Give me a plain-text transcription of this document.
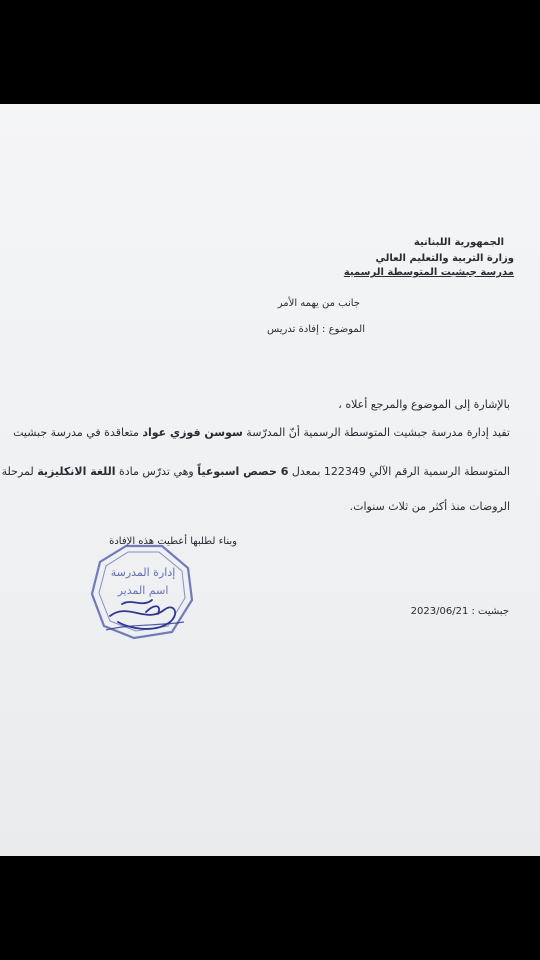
الجمهورية اللبنانية
وزارة التربية والتعليم العالي
مدرسة جبشيت المتوسطة الرسمية
جانب من يهمه الأمر
الموضوع : إفادة تدريس
بالإشارة إلى الموضوع والمرجع أعلاه ،
تفيد إدارة مدرسة جبشيت المتوسطة الرسمية أنّ المدرّسة سوسن فوزي عواد متعاقدة في مدرسة جبشيت
المتوسطة الرسمية الرقم الآلي 122349 بمعدل 6 حصص اسبوعياً وهي تدرّس مادة اللغة الانكليزية لمرحلة
الروضات منذ أكثر من ثلاث سنوات.
وبناء لطلبها أعطيت هذه الإفادة
إدارة المدرسة
اسم المدير
جبشيت : 2023/06/21
